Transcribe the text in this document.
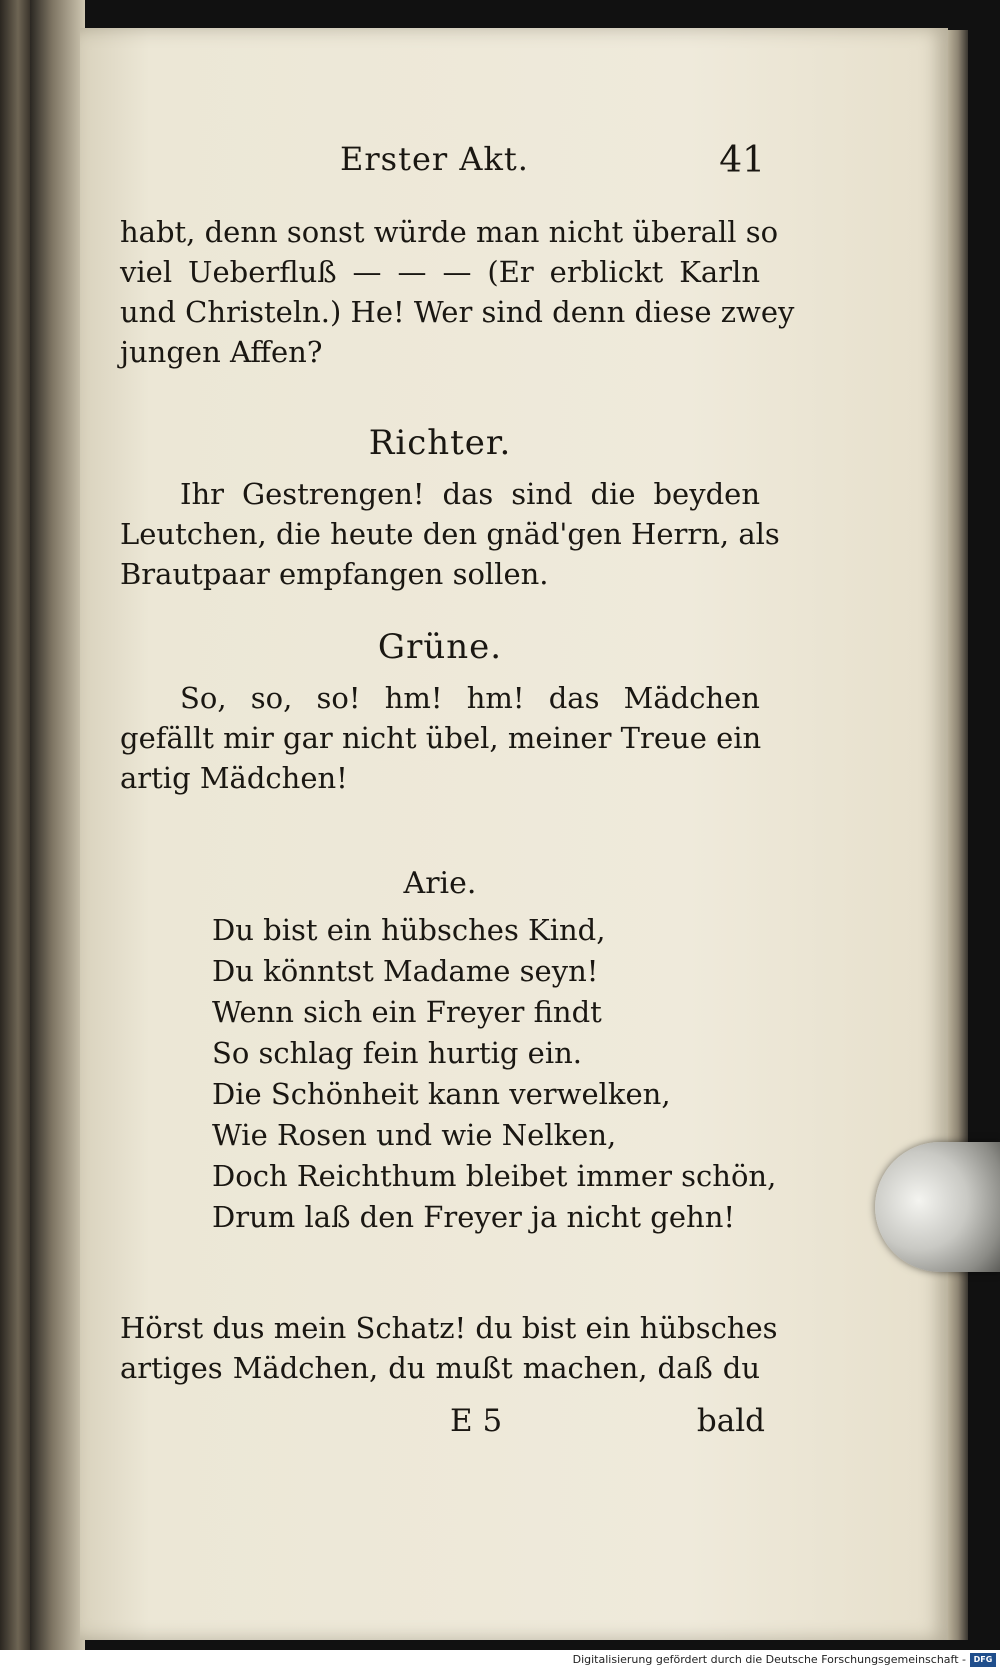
Erster Akt.	41
habt, denn sonst würde man nicht überall so
viel Ueberfluß — — — (Er erblickt Karln
und Christeln.) He! Wer sind denn diese zwey
jungen Affen?
Richter.
Ihr Gestrengen! das sind die beyden
Leutchen, die heute den gnäd'gen Herrn, als
Brautpaar empfangen sollen.
Grüne.
So, so, so! hm! hm! das Mädchen
gefällt mir gar nicht übel, meiner Treue ein
artig Mädchen!
Arie.
Du bist ein hübsches Kind,
Du könntst Madame seyn!
Wenn sich ein Freyer findt
So schlag fein hurtig ein.
Die Schönheit kann verwelken,
Wie Rosen und wie Nelken,
Doch Reichthum bleibet immer schön,
Drum laß den Freyer ja nicht gehn!
Hörst dus mein Schatz! du bist ein hübsches
artiges Mädchen, du mußt machen, daß du
E 5	bald
Digitalisierung gefördert durch die Deutsche Forschungsgemeinschaft - DFG
